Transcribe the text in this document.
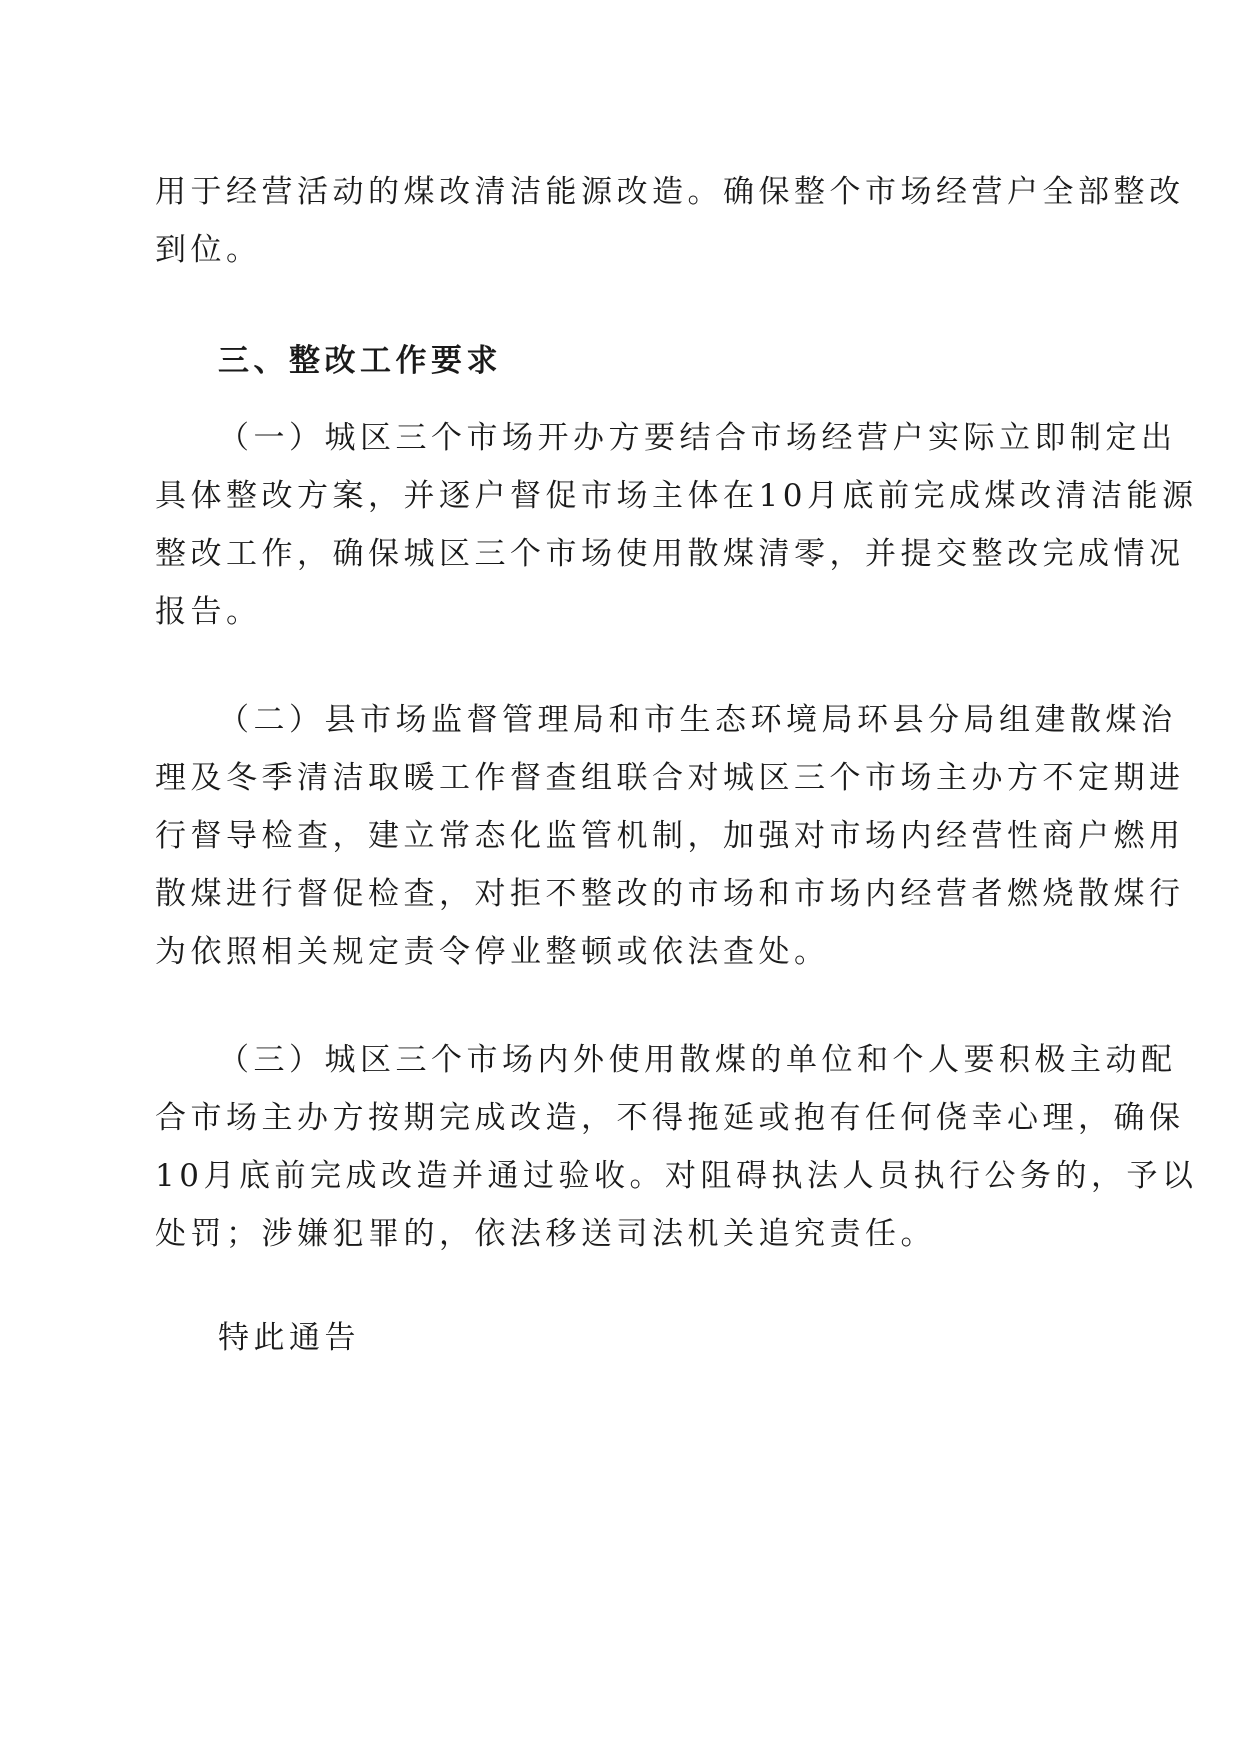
用于经营活动的煤改清洁能源改造。确保整个市场经营户全部整改
到位。
三、整改工作要求
（一）城区三个市场开办方要结合市场经营户实际立即制定出
具体整改方案，并逐户督促市场主体在10月底前完成煤改清洁能源
整改工作，确保城区三个市场使用散煤清零，并提交整改完成情况
报告。
（二）县市场监督管理局和市生态环境局环县分局组建散煤治
理及冬季清洁取暖工作督查组联合对城区三个市场主办方不定期进
行督导检查，建立常态化监管机制，加强对市场内经营性商户燃用
散煤进行督促检查，对拒不整改的市场和市场内经营者燃烧散煤行
为依照相关规定责令停业整顿或依法查处。
（三）城区三个市场内外使用散煤的单位和个人要积极主动配
合市场主办方按期完成改造，不得拖延或抱有任何侥幸心理，确保
10月底前完成改造并通过验收。对阻碍执法人员执行公务的，予以
处罚；涉嫌犯罪的，依法移送司法机关追究责任。
特此通告
